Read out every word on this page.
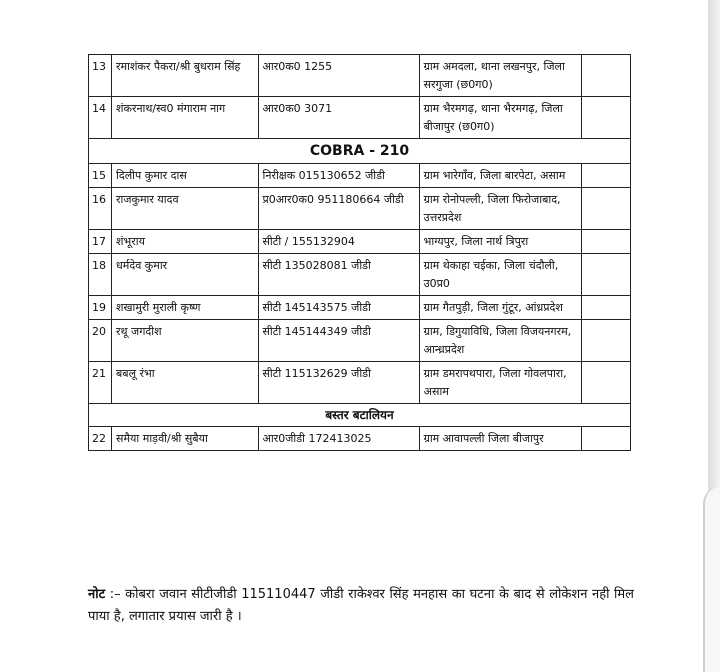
13	रमाशंकर पैकरा/श्री बुधराम सिंह	आर0क0 1255	ग्राम अमदला, थाना लखनपुर, जिला सरगुजा (छ0ग0)	
14	शंकरनाथ/स्व0 मंगाराम नाग	आर0क0 3071	ग्राम भैरमगढ़, थाना भैरमगढ़, जिला बीजापुर (छ0ग0)	
COBRA - 210				
15	दिलीप कुमार दास	निरीक्षक 015130652 जीडी	ग्राम भारेगाँव, जिला बारपेटा, असाम	
16	राजकुमार यादव	प्र0आर0क0 951180664 जीडी	ग्राम रोनोपल्ली, जिला फिरोजाबाद, उत्तरप्रदेश	
17	शंभूराय	सीटी / 155132904	भाग्यपुर, जिला नार्थ त्रिपुरा	
18	धर्मदेव कुमार	सीटी 135028081 जीडी	ग्राम थेकाहा चईका, जिला चंदौली, उ0प्र0	
19	शखामुरी मुराली कृष्ण	सीटी 145143575 जीडी	ग्राम गैतपुड़ी, जिला गुंटूर, आंध्रप्रदेश	
20	रथू जगदीश	सीटी 145144349 जीडी	ग्राम, डिगुयाविधि, जिला विजयनगरम, आन्ध्रप्रदेश	
21	बबलू रंभा	सीटी 115132629 जीडी	ग्राम डमरापथपारा, जिला गोवलपारा, असाम	
बस्तर बटालियन				
22	समैया माड़वी/श्री सुबैया	आर0जीडी 172413025	ग्राम आवापल्ली जिला बीजापुर	
नोट :– कोबरा जवान सीटीजीडी 115110447 जीडी राकेश्वर सिंह मनहास का घटना के बाद से लोकेशन नही मिल पाया है, लगातार प्रयास जारी है ।
